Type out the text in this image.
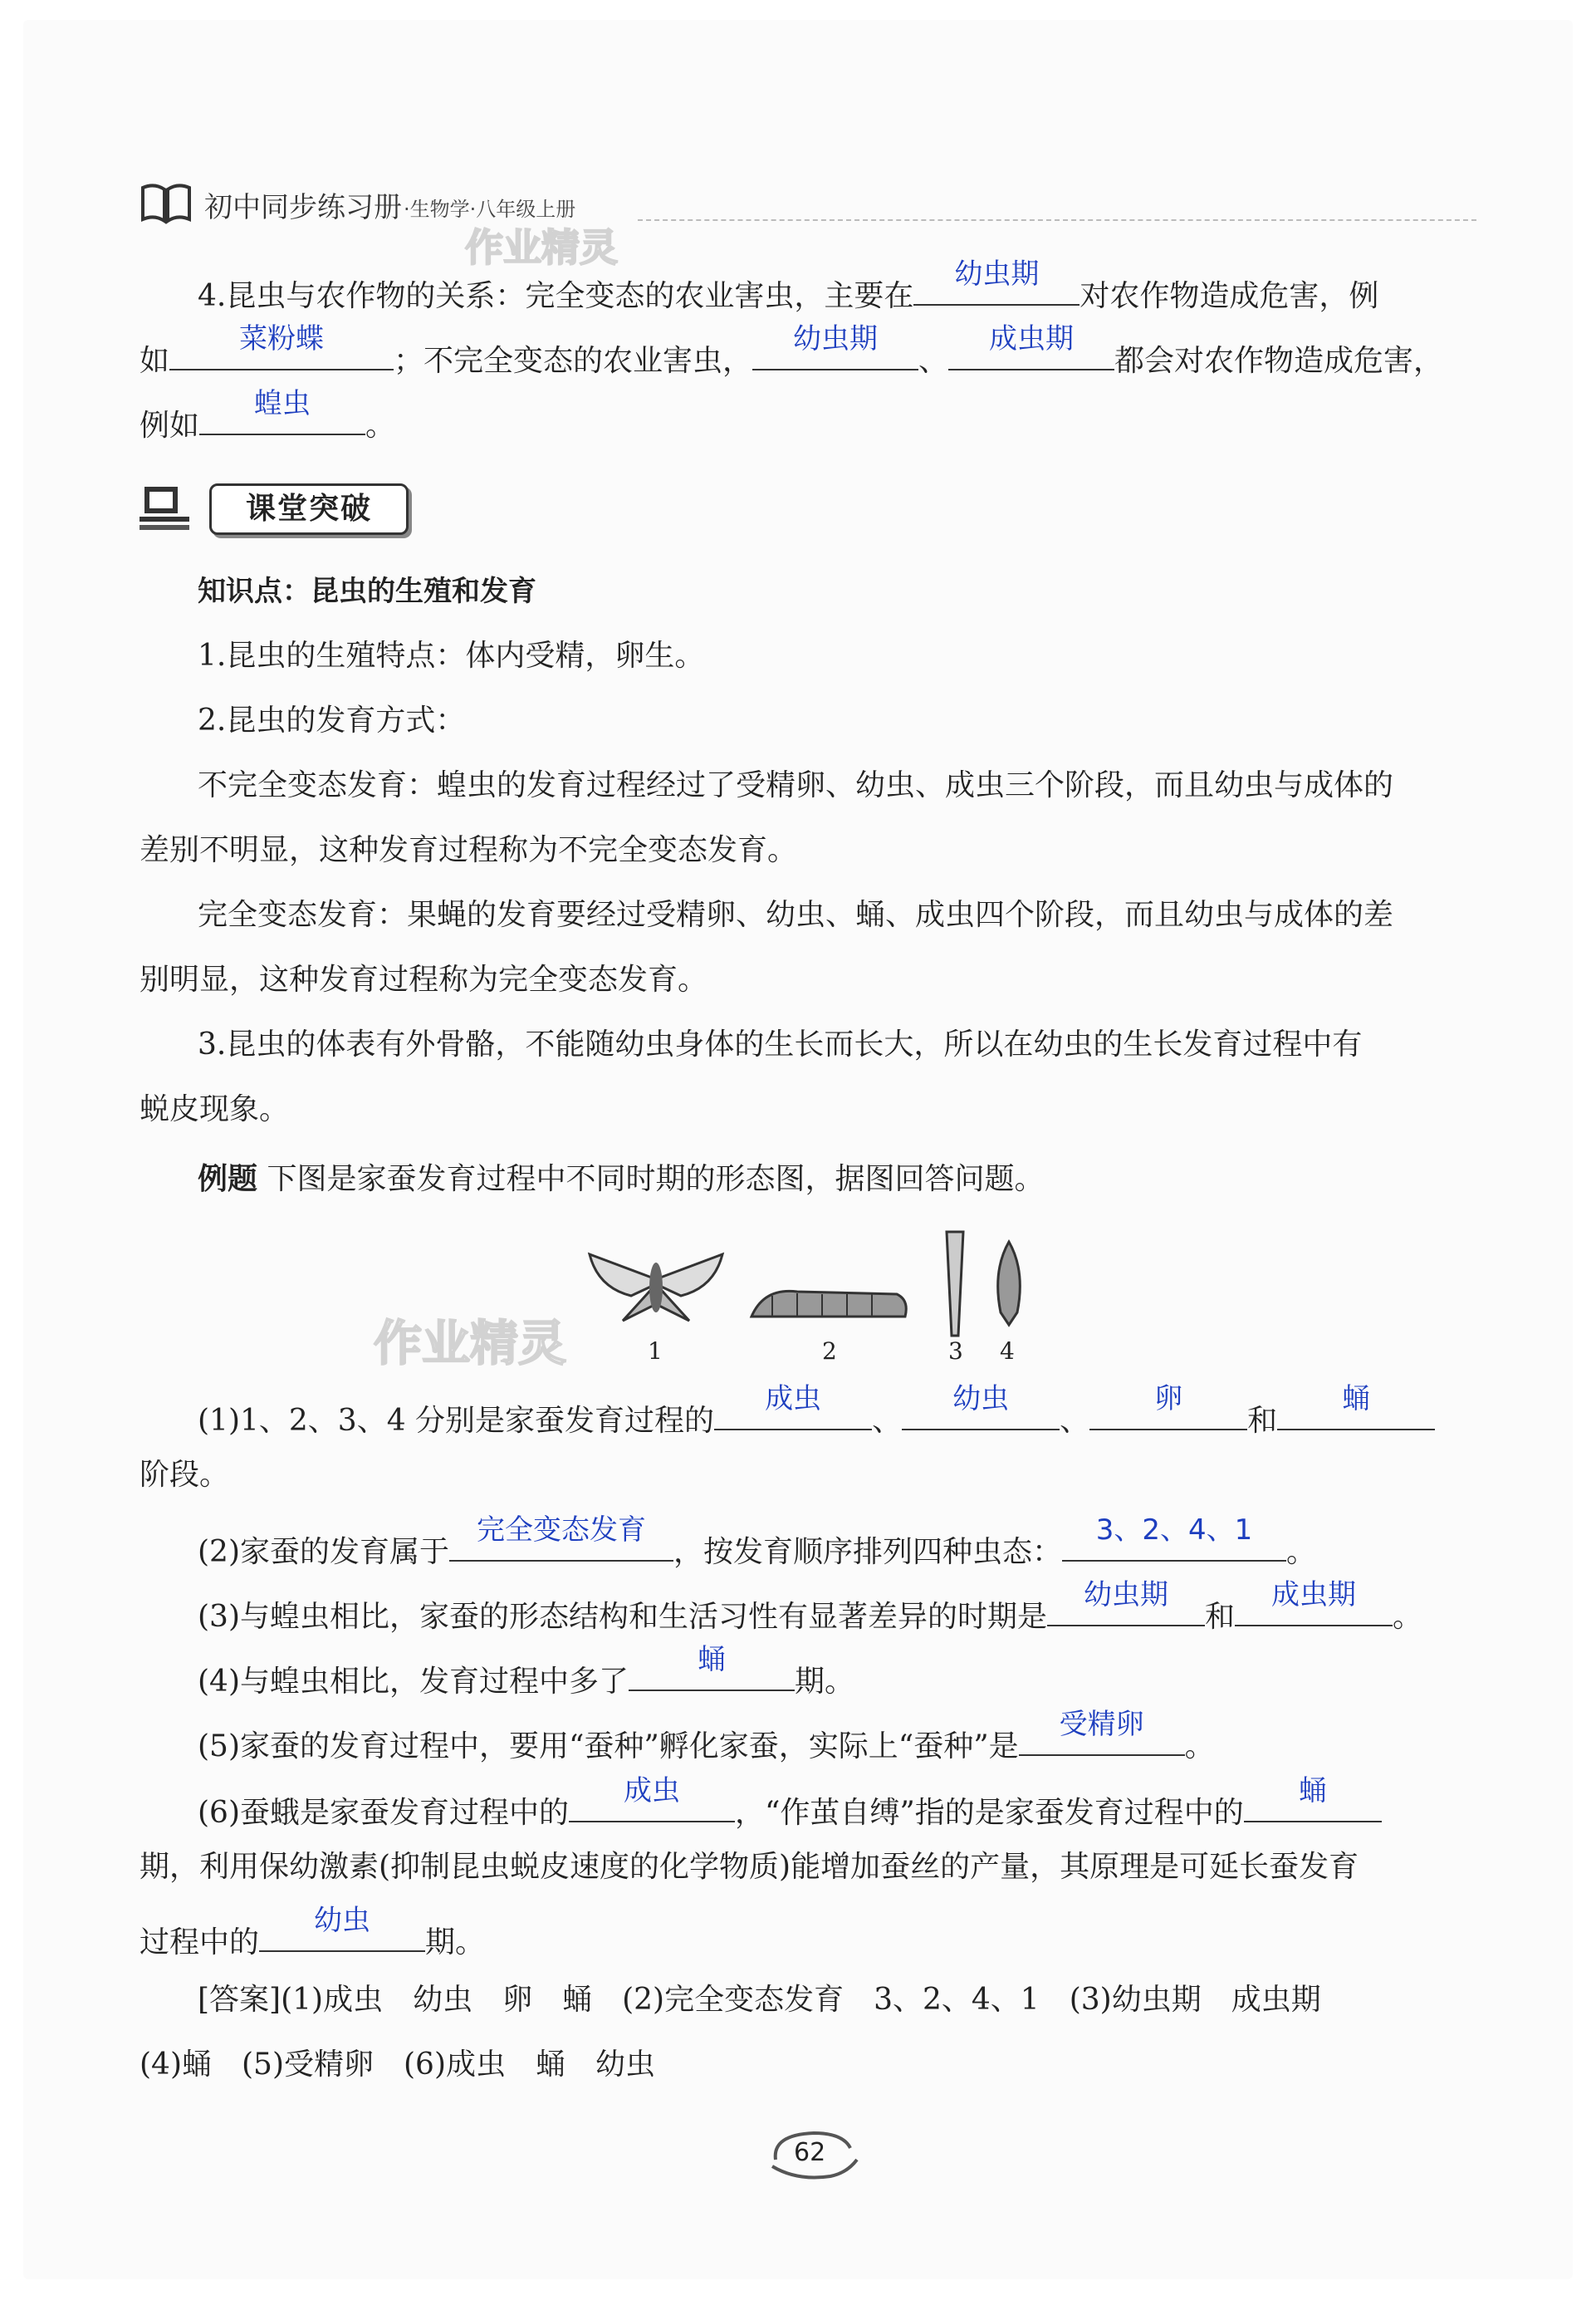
初中同步练习册 ·生物学·八年级上册
作业精灵
作业精灵
4.昆虫与农作物的关系：完全变态的农业害虫，主要在
幼虫期
对农作物造成危害，例
如
菜粉蝶
；不完全变态的农业害虫，
幼虫期
、
成虫期
都会对农作物造成危害，
例如
蝗虫
。
课堂突破
知识点：昆虫的生殖和发育
1.昆虫的生殖特点：体内受精，卵生。
2.昆虫的发育方式：
不完全变态发育：蝗虫的发育过程经过了受精卵、幼虫、成虫三个阶段，而且幼虫与成体的
差别不明显，这种发育过程称为不完全变态发育。
完全变态发育：果蝇的发育要经过受精卵、幼虫、蛹、成虫四个阶段，而且幼虫与成体的差
别明显，这种发育过程称为完全变态发育。
3.昆虫的体表有外骨骼，不能随幼虫身体的生长而长大，所以在幼虫的生长发育过程中有
蜕皮现象。
例题 下图是家蚕发育过程中不同时期的形态图，据图回答问题。
1	2	3 4
(1)1、2、3、4 分别是家蚕发育过程的
成虫
、
幼虫
、
卵
和
蛹
阶段。
(2)家蚕的发育属于
完全变态发育
，按发育顺序排列四种虫态：
3、2、4、1
。
(3)与蝗虫相比，家蚕的形态结构和生活习性有显著差异的时期是
幼虫期
和
成虫期
。
(4)与蝗虫相比，发育过程中多了
蛹
期。
(5)家蚕的发育过程中，要用“蚕种”孵化家蚕，实际上“蚕种”是
受精卵
。
(6)蚕蛾是家蚕发育过程中的
成虫
，“作茧自缚”指的是家蚕发育过程中的
蛹
期，利用保幼激素(抑制昆虫蜕皮速度的化学物质)能增加蚕丝的产量，其原理是可延长蚕发育
过程中的
幼虫
期。
[答案](1)成虫　幼虫　卵　蛹　(2)完全变态发育　3、2、4、1　(3)幼虫期　成虫期
(4)蛹　(5)受精卵　(6)成虫　蛹　幼虫
62
